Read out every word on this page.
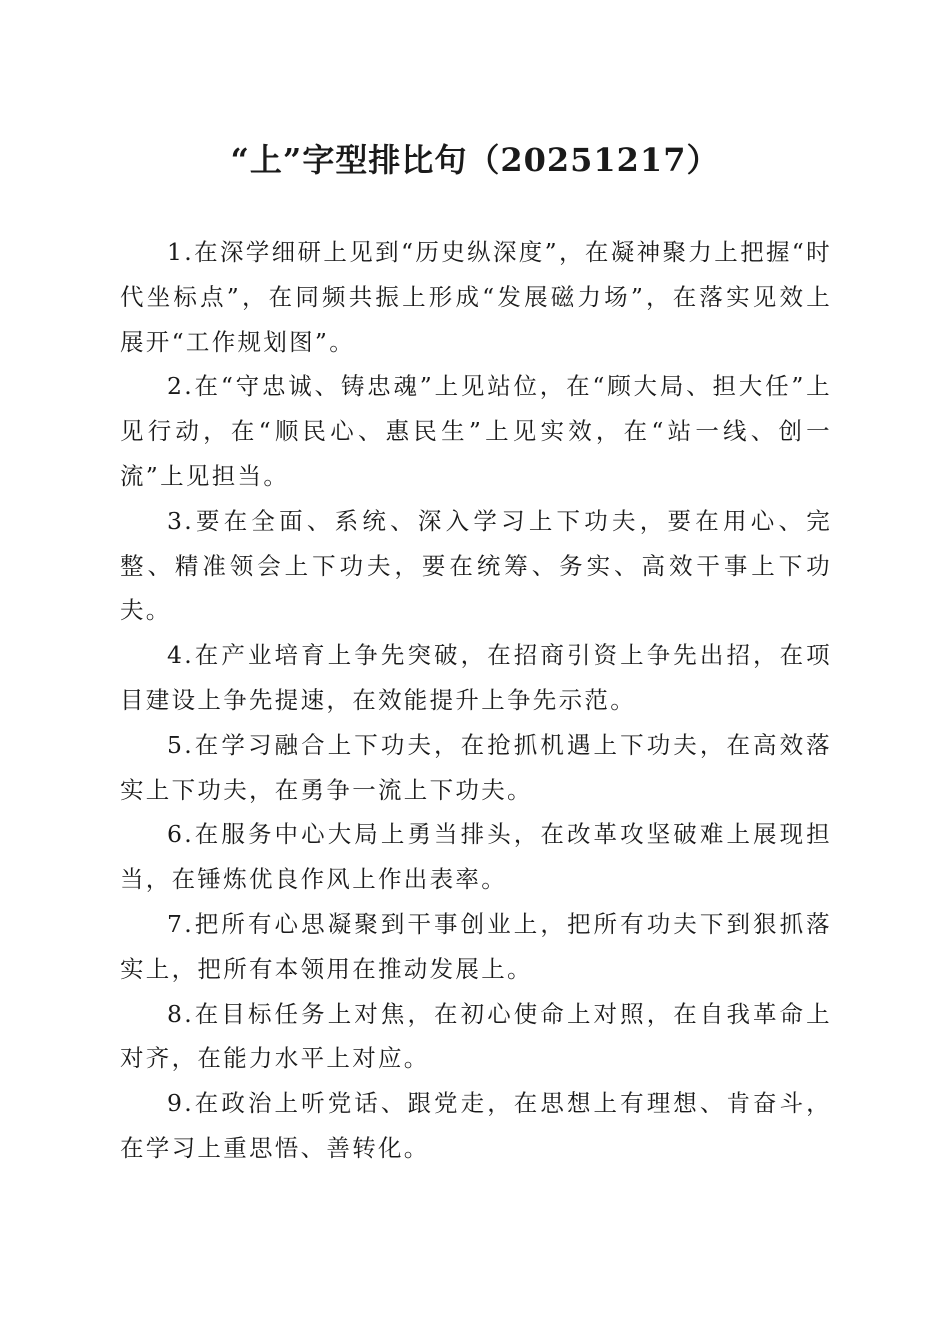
“上”字型排比句（20251217）

1.在深学细研上见到“历史纵深度”，在凝神聚力上把握“时代坐标点”，在同频共振上形成“发展磁力场”，在落实见效上展开“工作规划图”。

2.在“守忠诚、铸忠魂”上见站位，在“顾大局、担大任”上见行动，在“顺民心、惠民生”上见实效，在“站一线、创一流”上见担当。

3.要在全面、系统、深入学习上下功夫，要在用心、完整、精准领会上下功夫，要在统筹、务实、高效干事上下功夫。

4.在产业培育上争先突破，在招商引资上争先出招，在项目建设上争先提速，在效能提升上争先示范。

5.在学习融合上下功夫，在抢抓机遇上下功夫，在高效落实上下功夫，在勇争一流上下功夫。

6.在服务中心大局上勇当排头，在改革攻坚破难上展现担当，在锤炼优良作风上作出表率。

7.把所有心思凝聚到干事创业上，把所有功夫下到狠抓落实上，把所有本领用在推动发展上。

8.在目标任务上对焦，在初心使命上对照，在自我革命上对齐，在能力水平上对应。

9.在政治上听党话、跟党走，在思想上有理想、肯奋斗，在学习上重思悟、善转化。
